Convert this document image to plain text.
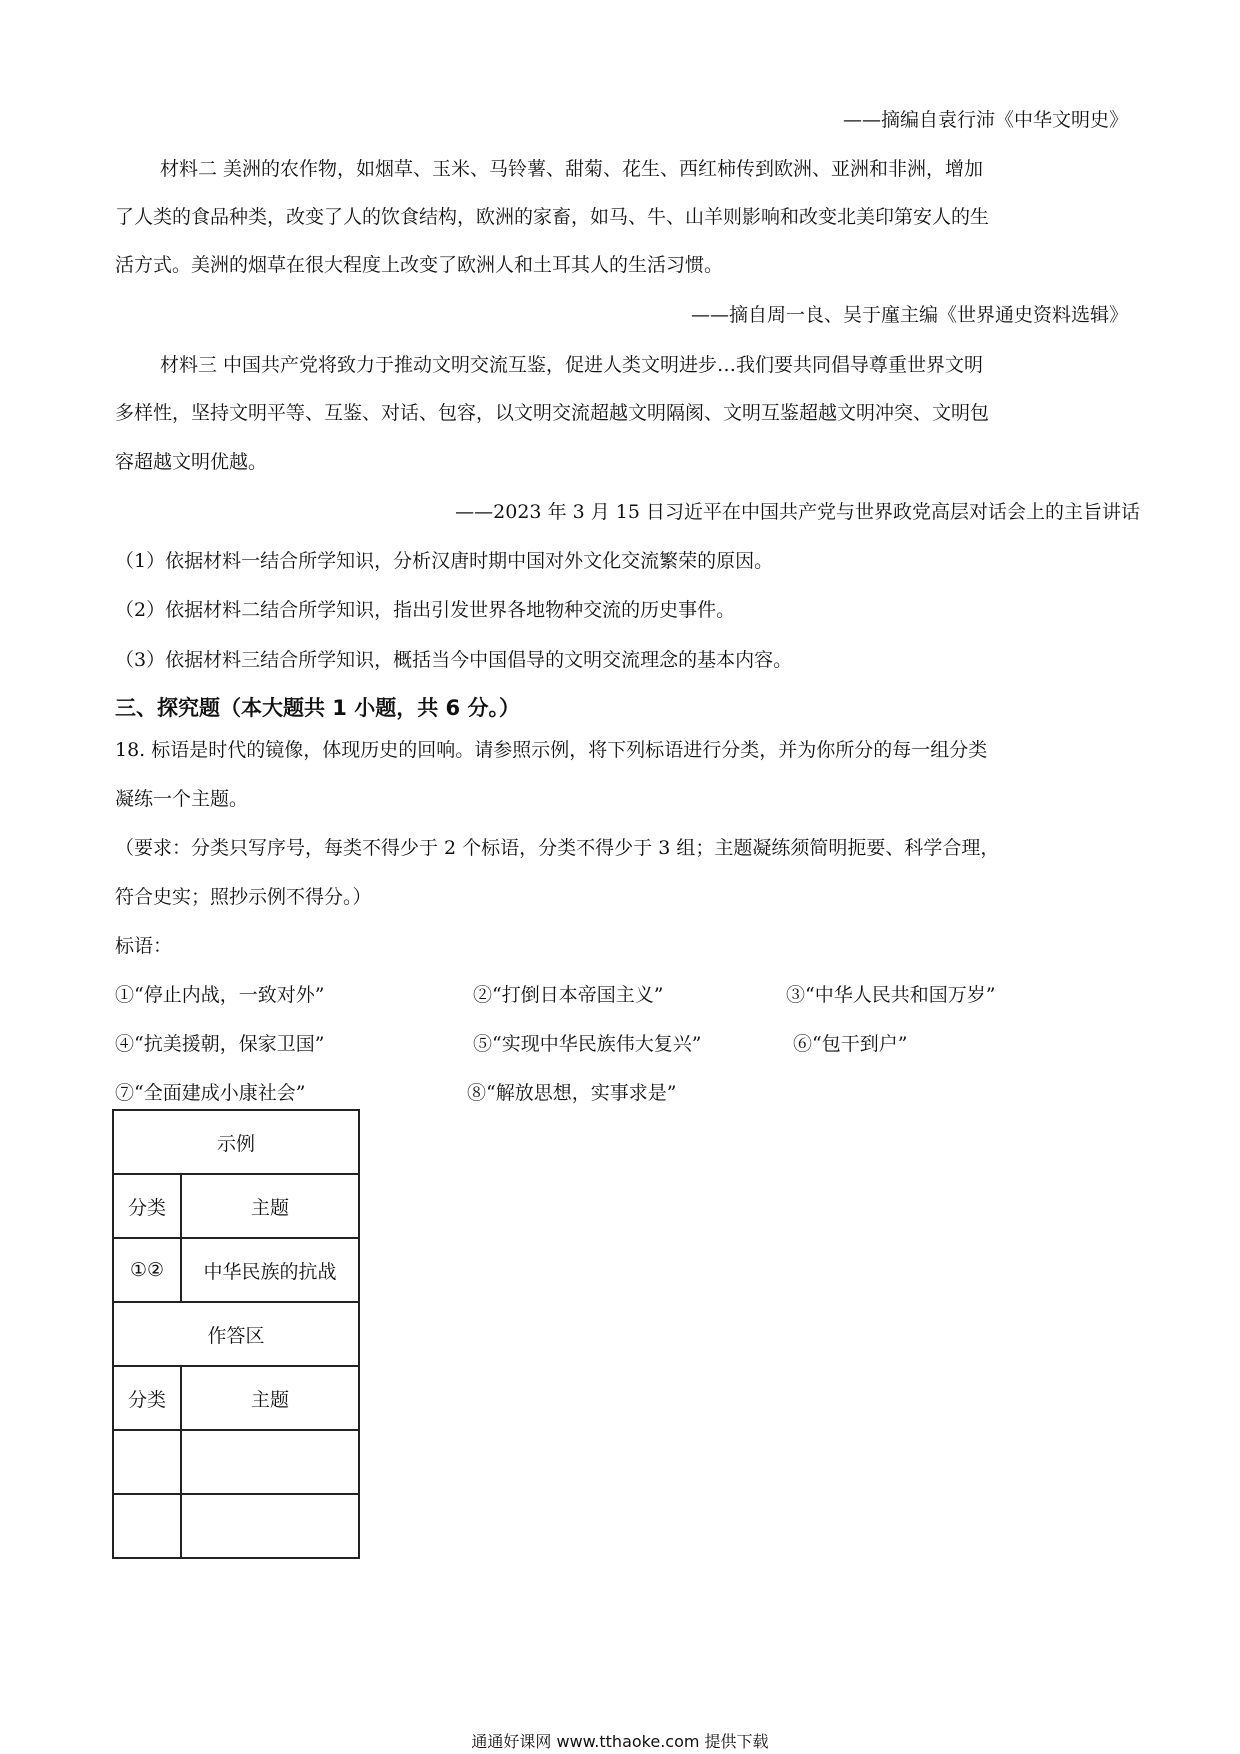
——摘编自袁行沛《中华文明史》
材料二 美洲的农作物，如烟草、玉米、马铃薯、甜菊、花生、西红柿传到欧洲、亚洲和非洲，增加
了人类的食品种类，改变了人的饮食结构，欧洲的家畜，如马、牛、山羊则影响和改变北美印第安人的生
活方式。美洲的烟草在很大程度上改变了欧洲人和土耳其人的生活习惯。
——摘自周一良、吴于廑主编《世界通史资料选辑》
材料三 中国共产党将致力于推动文明交流互鉴，促进人类文明进步…我们要共同倡导尊重世界文明
多样性，坚持文明平等、互鉴、对话、包容，以文明交流超越文明隔阂、文明互鉴超越文明冲突、文明包
容超越文明优越。
——2023 年 3 月 15 日习近平在中国共产党与世界政党高层对话会上的主旨讲话
（1）依据材料一结合所学知识，分析汉唐时期中国对外文化交流繁荣的原因。
（2）依据材料二结合所学知识，指出引发世界各地物种交流的历史事件。
（3）依据材料三结合所学知识，概括当今中国倡导的文明交流理念的基本内容。
三、探究题（本大题共 1 小题，共 6 分。）
18. 标语是时代的镜像，体现历史的回响。请参照示例，将下列标语进行分类，并为你所分的每一组分类
凝练一个主题。
（要求：分类只写序号，每类不得少于 2 个标语，分类不得少于 3 组；主题凝练须简明扼要、科学合理，
符合史实；照抄示例不得分。）
标语：
①“停止内战，一致对外”	②“打倒日本帝国主义”	③“中华人民共和国万岁”
④“抗美援朝，保家卫国”	⑤“实现中华民族伟大复兴”	⑥“包干到户”
⑦“全面建成小康社会”	⑧“解放思想，实事求是”
示例	
分类	主题
①②	中华民族的抗战
作答区	
分类	主题

通通好课网 www.tthaoke.com 提供下载
